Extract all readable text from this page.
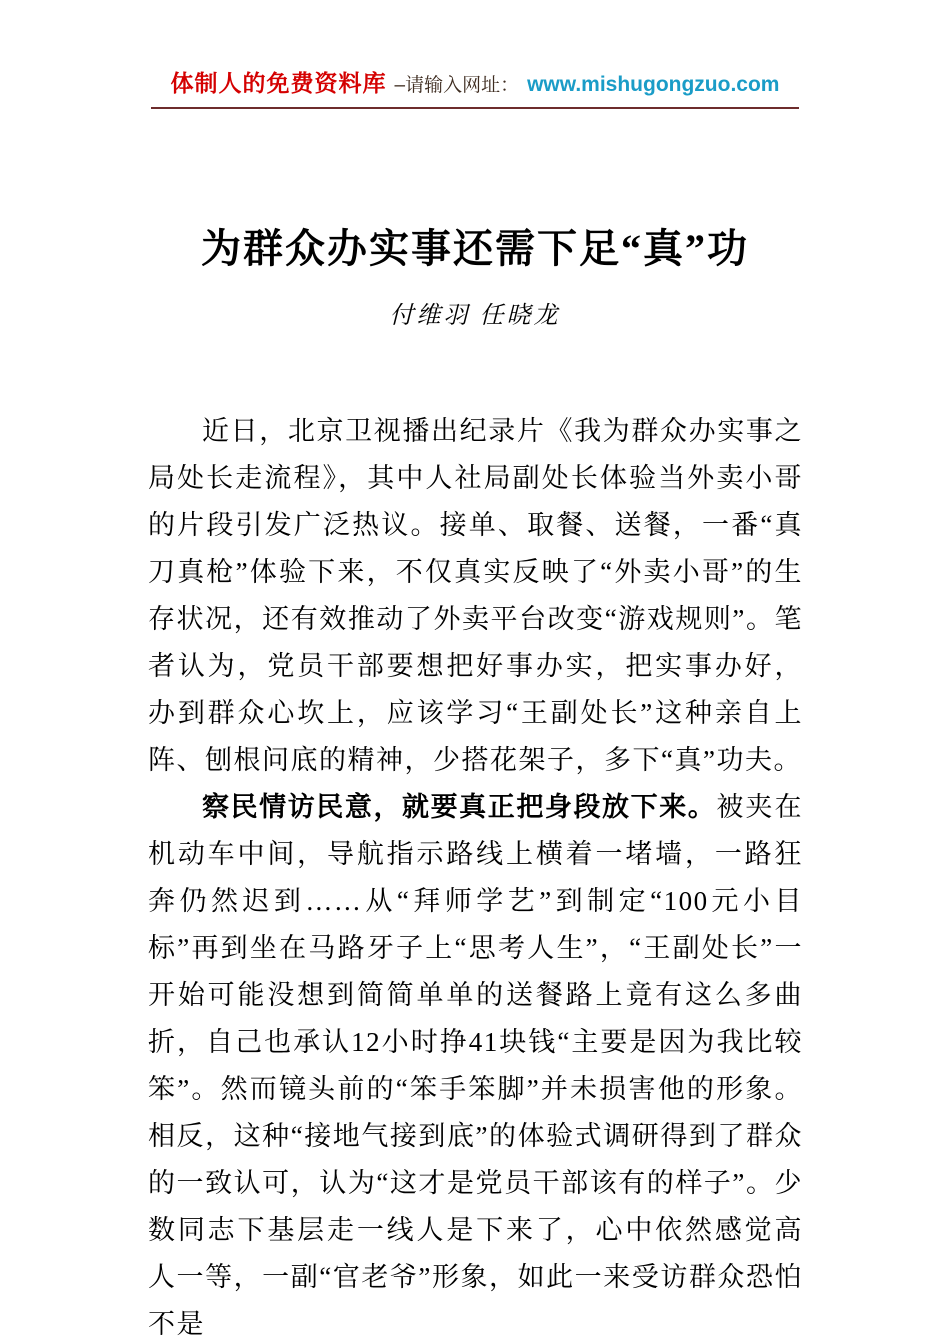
体制人的免费资料库 –请输入网址： www.mishugongzuo.com
为群众办实事还需下足“真”功
付维羽 任晓龙

近日，北京卫视播出纪录片《我为群众办实事之局处长走流程》，其中人社局副处长体验当外卖小哥的片段引发广泛热议。接单、取餐、送餐，一番“真刀真枪”体验下来，不仅真实反映了“外卖小哥”的生存状况，还有效推动了外卖平台改变“游戏规则”。笔者认为，党员干部要想把好事办实，把实事办好，办到群众心坎上，应该学习“王副处长”这种亲自上阵、刨根问底的精神，少搭花架子，多下“真”功夫。

察民情访民意，就要真正把身段放下来。被夹在机动车中间，导航指示路线上横着一堵墙，一路狂奔仍然迟到……从“拜师学艺”到制定“100元小目标”再到坐在马路牙子上“思考人生”，“王副处长”一开始可能没想到简简单单的送餐路上竟有这么多曲折，自己也承认12小时挣41块钱“主要是因为我比较笨”。然而镜头前的“笨手笨脚”并未损害他的形象。相反，这种“接地气接到底”的体验式调研得到了群众的一致认可，认为“这才是党员干部该有的样子”。少数同志下基层走一线人是下来了，心中依然感觉高人一等，一副“官老爷”形象，如此一来受访群众恐怕不是
